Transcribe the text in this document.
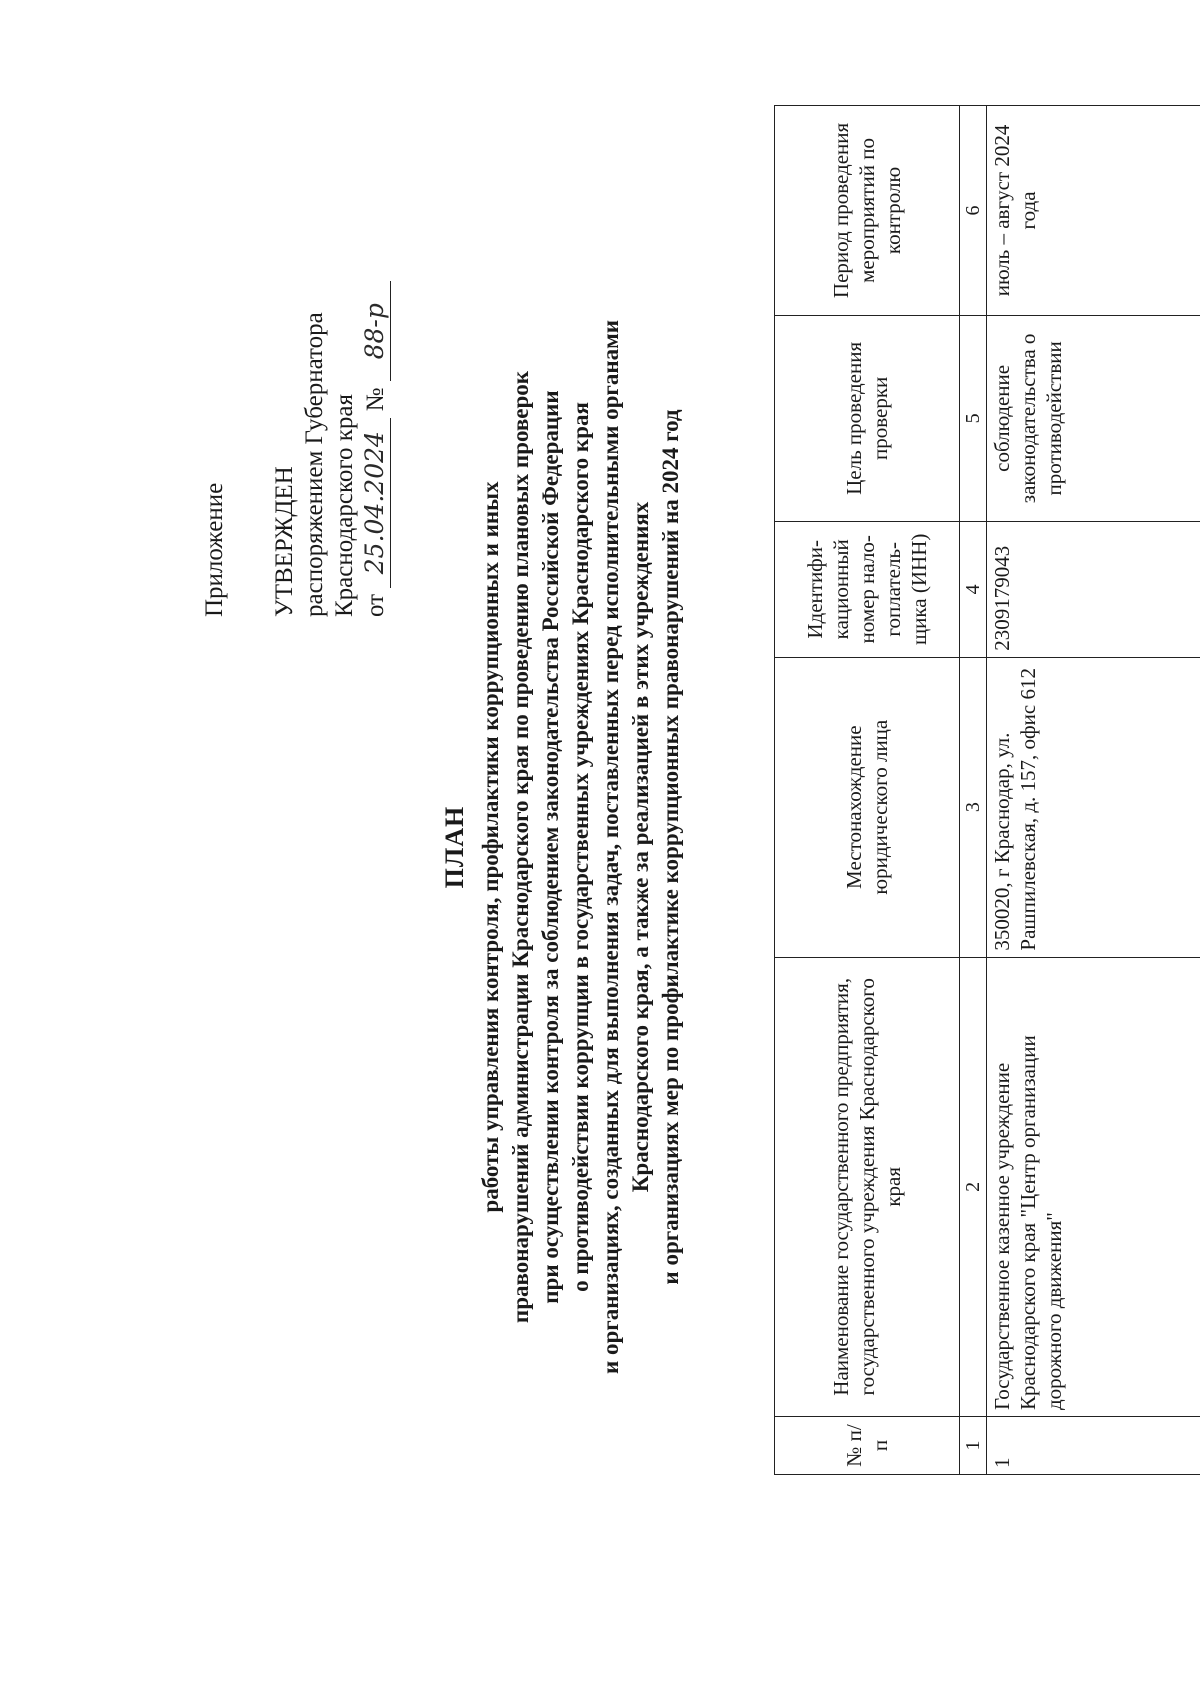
Приложение УТВЕРЖДЕН распоряжением Губернатора Краснодарского края от 25.04.2024 № 88-р
ПЛАН работы управления контроля, профилактики коррупционных и иных правонарушений администрации Краснодарского края по проведению плановых проверок при осуществлении контроля за соблюдением законодательства Российской Федерации о противодействии коррупции в государственных учреждениях Краснодарского края и организациях, созданных для выполнения задач, поставленных перед исполнительными органами Краснодарского края, а также за реализацией в этих учреждениях и организациях мер по профилактике коррупционных правонарушений на 2024 год
№ п/п	Наименование государственного предприятия, государственного учреждения Краснодарского края	Местонахождение юридического лица	Идентифи-кационный номер нало-гоплатель-щика (ИНН)	Цель проведения проверки	Период проведения мероприятий по контролю
1	2	3	4	5	6
1	Государственное казенное учреждение Краснодарского края "Центр организации дорожного движения"	350020, г Краснодар, ул. Рашпилевская, д. 157, офис 612	2309179043	соблюдение законодательства о противодействии	июль – август 2024 года
